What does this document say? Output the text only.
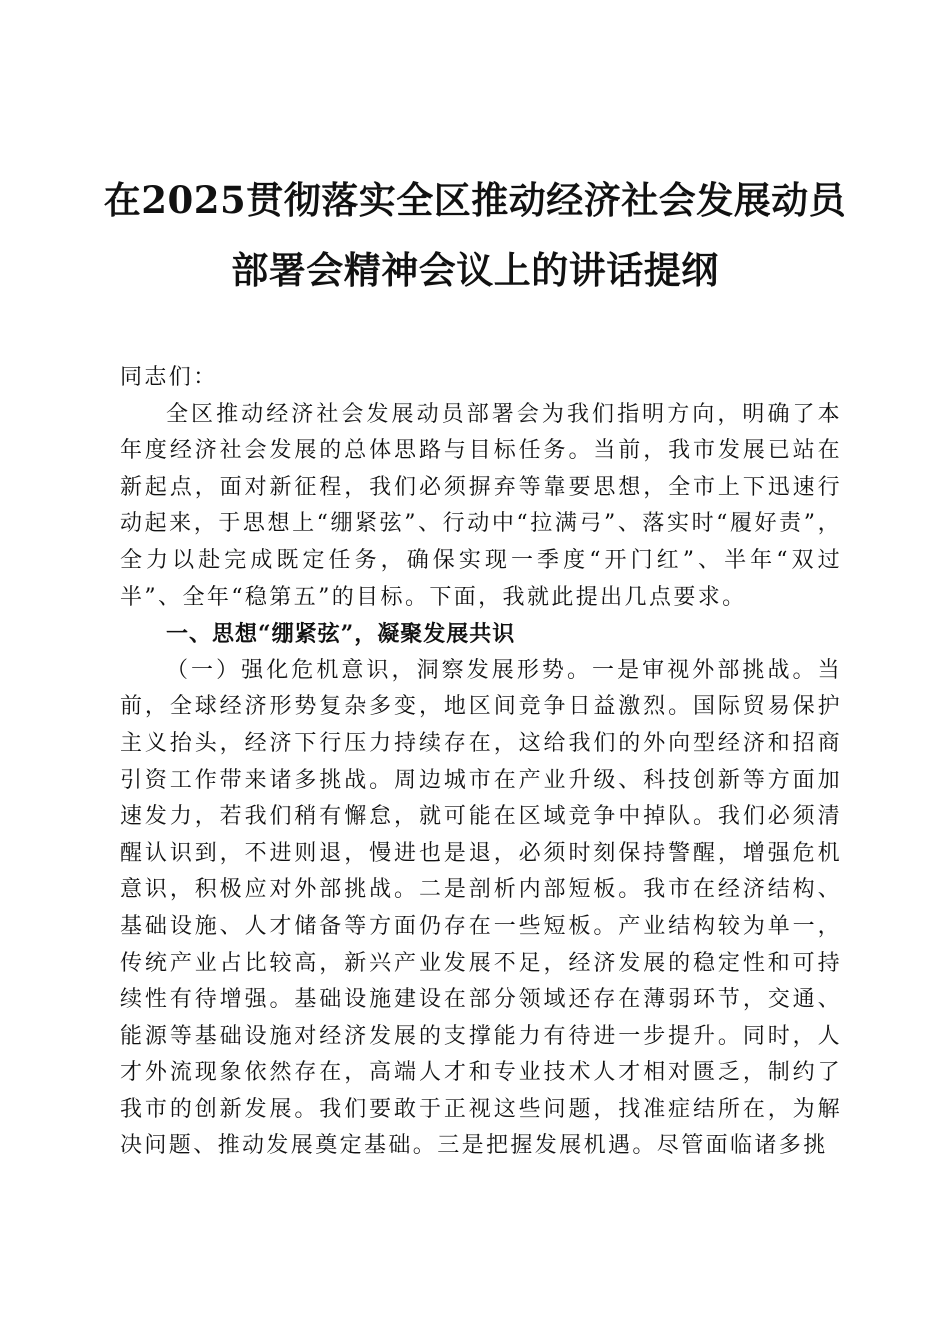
在2025贯彻落实全区推动经济社会发展动员
部署会精神会议上的讲话提纲

同志们：

全区推动经济社会发展动员部署会为我们指明方向，明确了本年度经济社会发展的总体思路与目标任务。当前，我市发展已站在新起点，面对新征程，我们必须摒弃等靠要思想，全市上下迅速行动起来，于思想上“绷紧弦”、行动中“拉满弓”、落实时“履好责”，全力以赴完成既定任务，确保实现一季度“开门红”、半年“双过半”、全年“稳第五”的目标。下面，我就此提出几点要求。

一、思想“绷紧弦”，凝聚发展共识

（一）强化危机意识，洞察发展形势。一是审视外部挑战。当前，全球经济形势复杂多变，地区间竞争日益激烈。国际贸易保护主义抬头，经济下行压力持续存在，这给我们的外向型经济和招商引资工作带来诸多挑战。周边城市在产业升级、科技创新等方面加速发力，若我们稍有懈怠，就可能在区域竞争中掉队。我们必须清醒认识到，不进则退，慢进也是退，必须时刻保持警醒，增强危机意识，积极应对外部挑战。二是剖析内部短板。我市在经济结构、基础设施、人才储备等方面仍存在一些短板。产业结构较为单一，传统产业占比较高，新兴产业发展不足，经济发展的稳定性和可持续性有待增强。基础设施建设在部分领域还存在薄弱环节，交通、能源等基础设施对经济发展的支撑能力有待进一步提升。同时，人才外流现象依然存在，高端人才和专业技术人才相对匮乏，制约了我市的创新发展。我们要敢于正视这些问题，找准症结所在，为解决问题、推动发展奠定基础。三是把握发展机遇。尽管面临诸多挑
